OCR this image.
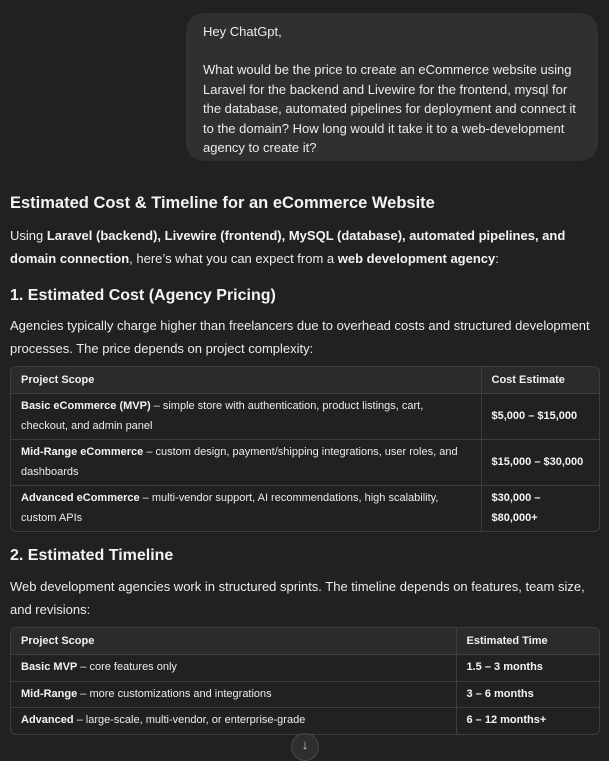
Hey ChatGpt,

What would be the price to create an eCommerce website using Laravel for the backend and Livewire for the frontend, mysql for the database, automated pipelines for deployment and connect it to the domain? How long would it take it to a web-development agency to create it?

Estimated Cost & Timeline for an eCommerce Website

Using Laravel (backend), Livewire (frontend), MySQL (database), automated pipelines, and domain connection, here’s what you can expect from a web development agency:

1. Estimated Cost (Agency Pricing)

Agencies typically charge higher than freelancers due to overhead costs and structured development processes. The price depends on project complexity:

Project Scope	Cost Estimate
Basic eCommerce (MVP) – simple store with authentication, product listings, cart, checkout, and admin panel	$5,000 – $15,000
Mid-Range eCommerce – custom design, payment/shipping integrations, user roles, and dashboards	$15,000 – $30,000
Advanced eCommerce – multi-vendor support, AI recommendations, high scalability, custom APIs	$30,000 – $80,000+
2. Estimated Timeline

Web development agencies work in structured sprints. The timeline depends on features, team size, and revisions:

Project Scope	Estimated Time
Basic MVP – core features only	1.5 – 3 months
Mid-Range – more customizations and integrations	3 – 6 months
Advanced – large-scale, multi-vendor, or enterprise-grade	6 – 12 months+
↓
